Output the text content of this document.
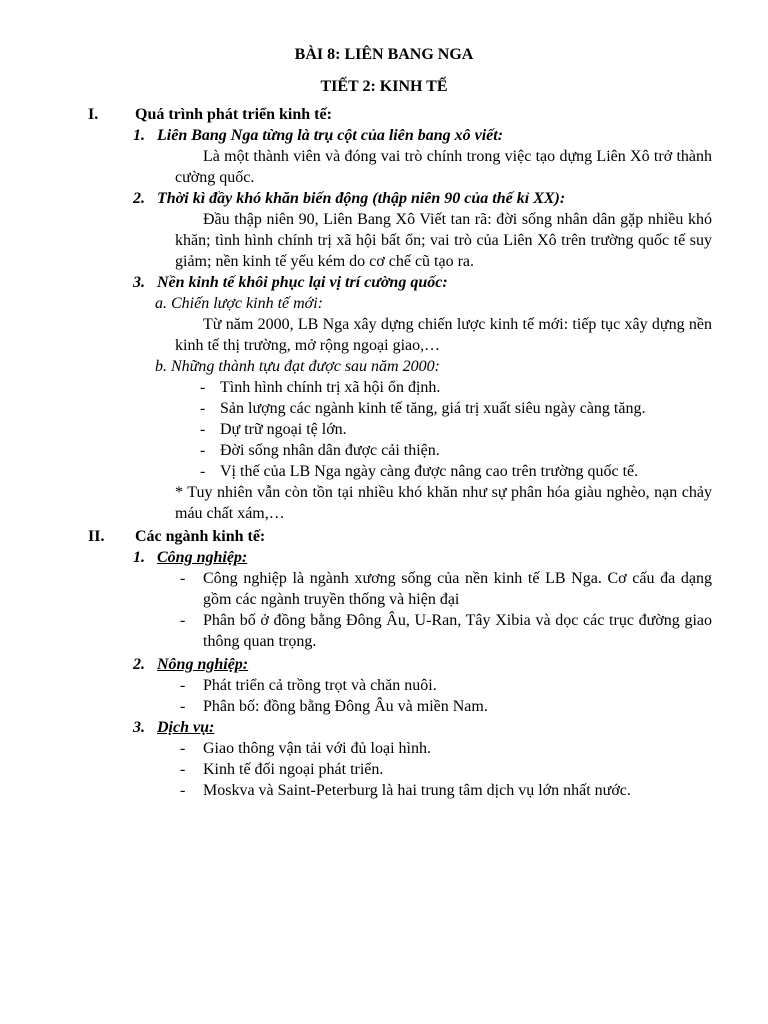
BÀI 8: LIÊN BANG NGA
TIẾT 2: KINH TẾ
I. Quá trình phát triển kinh tế:
1. Liên Bang Nga từng là trụ cột của liên bang xô viết:
Là một thành viên và đóng vai trò chính trong việc tạo dựng Liên Xô trở thành cường quốc.
2. Thời kì đầy khó khăn biến động (thập niên 90 của thế kỉ XX):
Đầu thập niên 90, Liên Bang Xô Viết tan rã: đời sống nhân dân gặp nhiều khó khăn; tình hình chính trị xã hội bất ổn; vai trò của Liên Xô trên trường quốc tế suy giảm; nền kinh tế yếu kém do cơ chế cũ tạo ra.
3. Nền kinh tế khôi phục lại vị trí cường quốc:
a. Chiến lược kinh tế mới:
Từ năm 2000, LB Nga xây dựng chiến lược kinh tế mới: tiếp tục xây dựng nền kinh tế thị trường, mở rộng ngoại giao,…
b. Những thành tựu đạt được sau năm 2000:
- Tình hình chính trị xã hội ổn định.
- Sản lượng các ngành kinh tế tăng, giá trị xuất siêu ngày càng tăng.
- Dự trữ ngoại tệ lớn.
- Đời sống nhân dân được cải thiện.
- Vị thế của LB Nga ngày càng được nâng cao trên trường quốc tế.
* Tuy nhiên vẫn còn tồn tại nhiều khó khăn như sự phân hóa giàu nghèo, nạn chảy máu chất xám,…
II. Các ngành kinh tế:
1. Công nghiệp:
- Công nghiệp là ngành xương sống của nền kinh tế LB Nga. Cơ cấu đa dạng gồm các ngành truyền thống và hiện đại
- Phân bố ở đồng bằng Đông Âu, U-Ran, Tây Xibia và dọc các trục đường giao thông quan trọng.
2. Nông nghiệp:
- Phát triển cả trồng trọt và chăn nuôi.
- Phân bố: đồng bằng Đông Âu và miền Nam.
3. Dịch vụ:
- Giao thông vận tải với đủ loại hình.
- Kinh tế đối ngoại phát triển.
- Moskva và Saint-Peterburg là hai trung tâm dịch vụ lớn nhất nước.
